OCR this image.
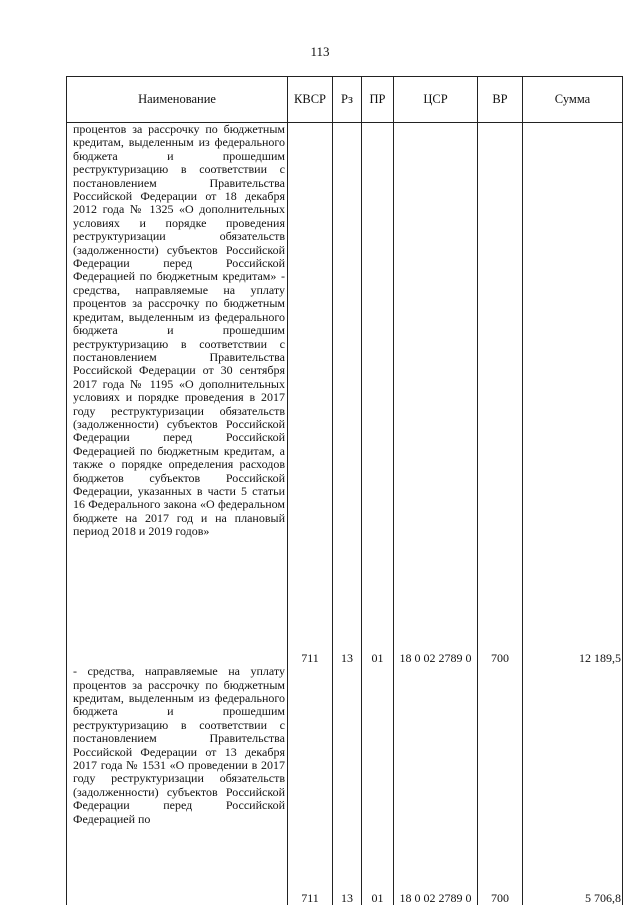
113
Наименование	КВСР	Рз	ПР	ЦСР	ВР	Сумма

процентов за рассрочку по бюджетным кредитам, выделенным из федерального бюджета и прошедшим реструктуризацию в соответствии с постановлением Правительства Российской Федерации от 18 декабря 2012 года № 1325 «О дополнительных условиях и порядке проведения реструктуризации обязательств (задолженности) субъектов Российской Федерации перед Российской Федерацией по бюджетным кредитам» - средства, направляемые на уплату процентов за рассрочку по бюджетным кредитам, выделенным из федерального бюджета и прошедшим реструктуризацию в соответствии с постановлением Правительства Российской Федерации от 30 сентября 2017 года № 1195 «О дополнительных условиях и порядке проведения в 2017 году реструктуризации обязательств (задолженности) субъектов Российской Федерации перед Российской Федерацией по бюджетным кредитам, а также о порядке определения расходов бюджетов субъектов Российской Федерации, указанных в части 5 статьи 16 Федерального закона «О федеральном бюджете на 2017 год и на плановый период 2018 и 2019 годов»	711	13	01	18 0 02 2789 0	700	12 189,5

- средства, направляемые на уплату процентов за рассрочку по бюджетным кредитам, выделенным из федерального бюджета и прошедшим реструктуризацию в соответствии с постановлением Правительства Российской Федерации от 13 декабря 2017 года № 1531 «О проведении в 2017 году реструктуризации обязательств (задолженности) субъектов Российской Федерации перед Российской Федерацией по	711	13	01	18 0 02 2789 0	700	5 706,8
